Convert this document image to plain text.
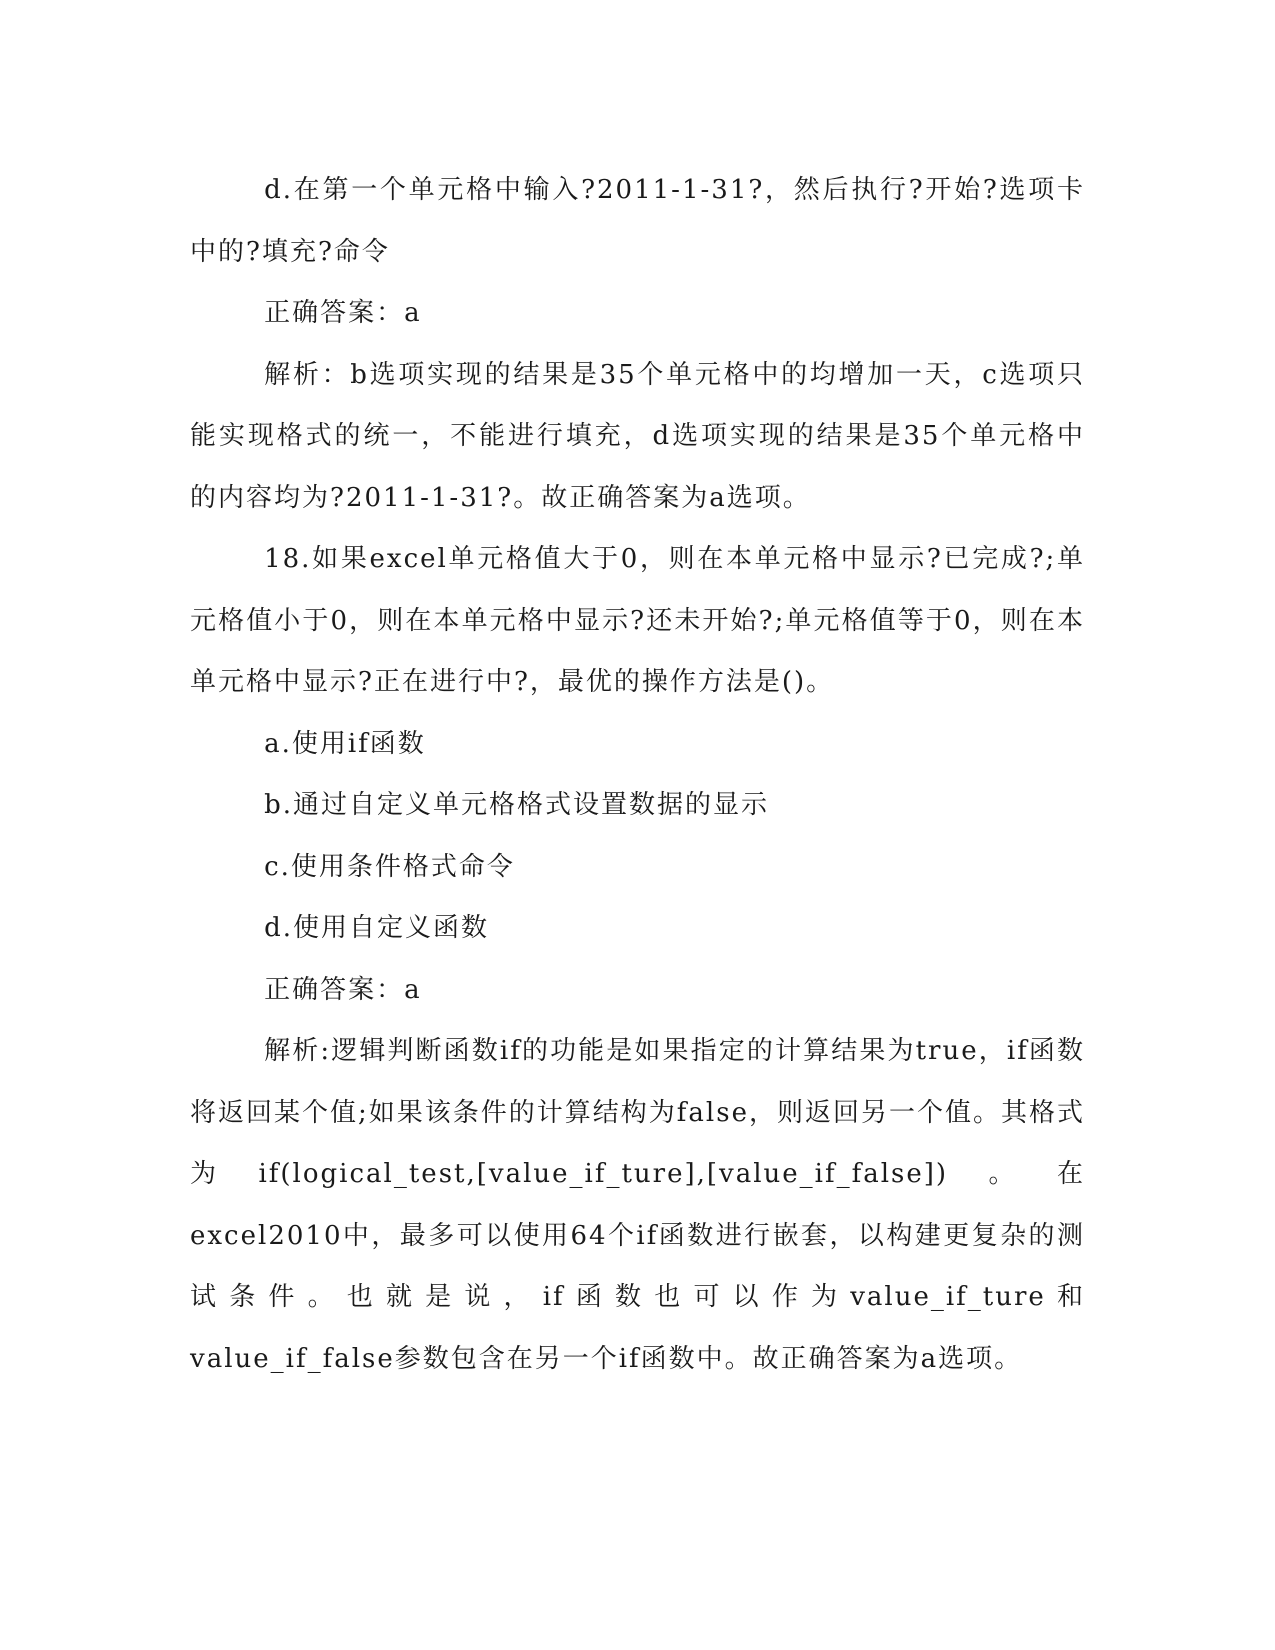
d.在第一个单元格中输入?2011-1-31?，然后执行?开始?选项卡中的?填充?命令

正确答案：a

解析：b选项实现的结果是35个单元格中的均增加一天，c选项只能实现格式的统一，不能进行填充，d选项实现的结果是35个单元格中的内容均为?2011-1-31?。故正确答案为a选项。

18.如果excel单元格值大于0，则在本单元格中显示?已完成?;单元格值小于0，则在本单元格中显示?还未开始?;单元格值等于0，则在本单元格中显示?正在进行中?，最优的操作方法是()。

a.使用if函数

b.通过自定义单元格格式设置数据的显示

c.使用条件格式命令

d.使用自定义函数

正确答案：a

解析:逻辑判断函数if的功能是如果指定的计算结果为true，if函数将返回某个值;如果该条件的计算结构为false，则返回另一个值。其格式为if(logical_test,[value_if_ture],[value_if_false])。在excel2010中，最多可以使用64个if函数进行嵌套，以构建更复杂的测试条件。也就是说，if函数也可以作为value_if_ture和value_if_false参数包含在另一个if函数中。故正确答案为a选项。
